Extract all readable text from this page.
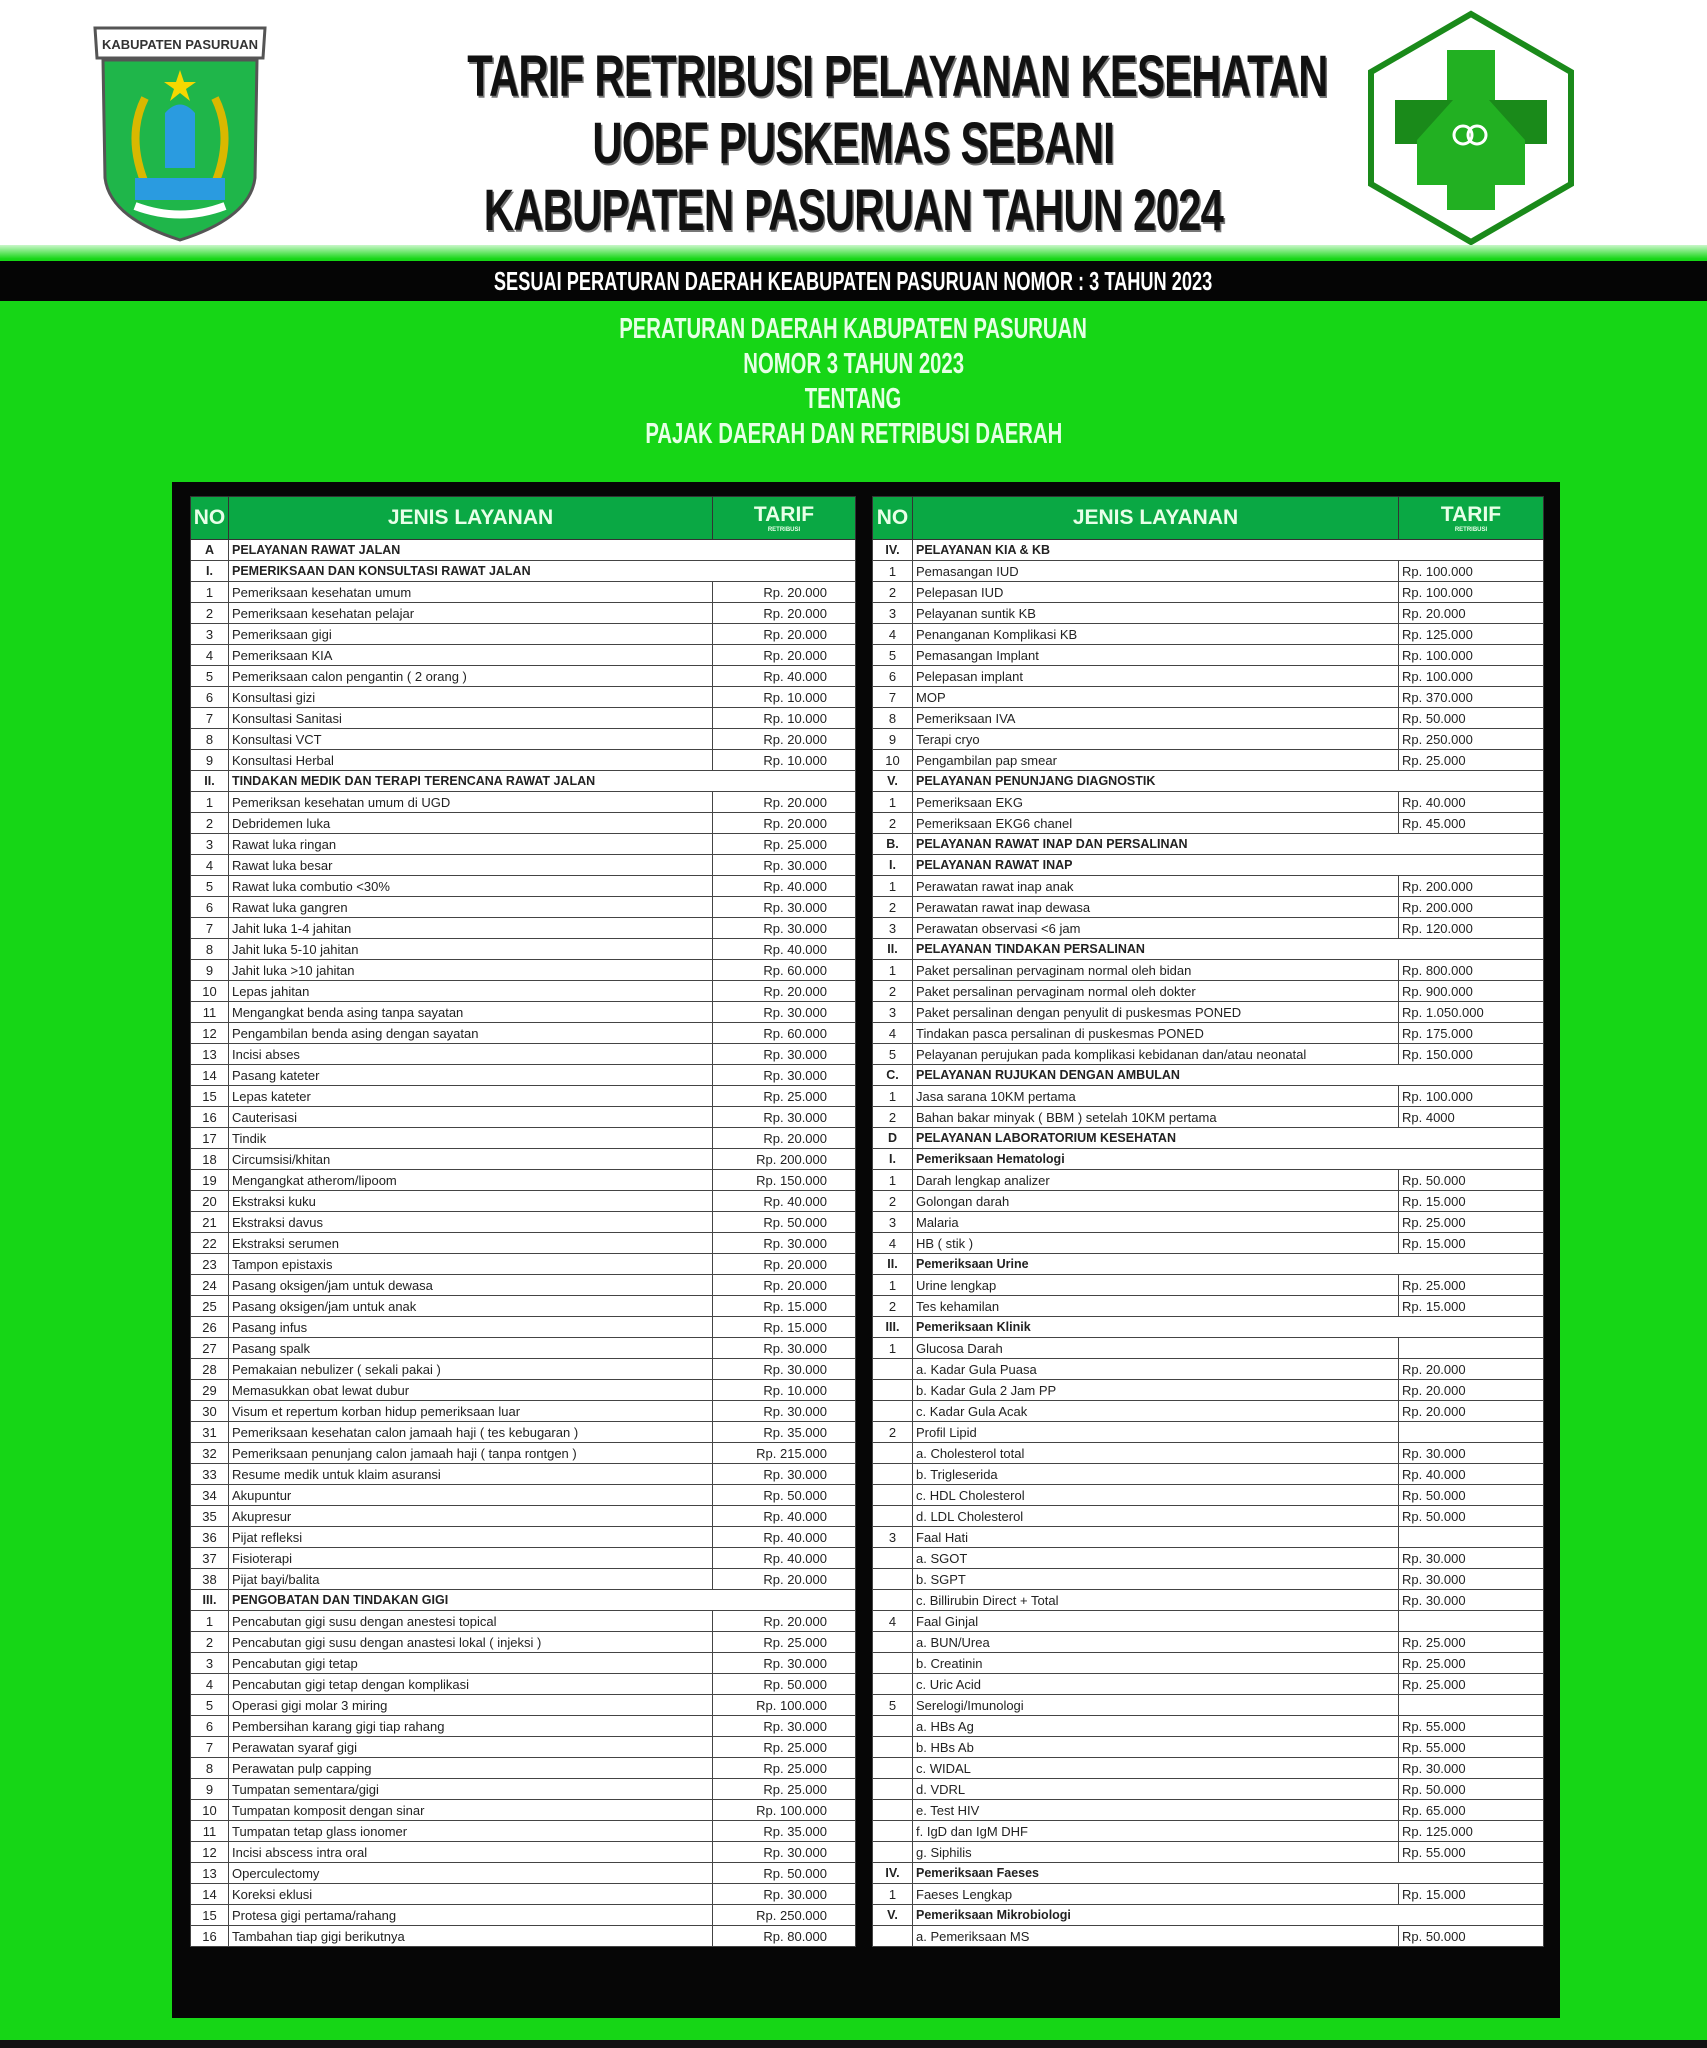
KABUPATEN PASURUAN	TARIF RETRIBUSI PELAYANAN KESEHATAN
UOBF PUSKEMAS SEBANI
KABUPATEN PASURUAN TAHUN 2024
SESUAI PERATURAN DAERAH KEABUPATEN PASURUAN NOMOR : 3 TAHUN 2023
PERATURAN DAERAH KABUPATEN PASURUAN
NOMOR 3 TAHUN 2023
TENTANG
PAJAK DAERAH DAN RETRIBUSI DAERAH
NO	JENIS LAYANAN	TARIF
RETRIBUSI

A	PELAYANAN RAWAT JALAN	
I.	PEMERIKSAAN DAN KONSULTASI RAWAT JALAN	
1	Pemeriksaan kesehatan umum	Rp. 20.000
2	Pemeriksaan kesehatan pelajar	Rp. 20.000
3	Pemeriksaan gigi	Rp. 20.000
4	Pemeriksaan KIA	Rp. 20.000
5	Pemeriksaan calon pengantin ( 2 orang )	Rp. 40.000
6	Konsultasi gizi	Rp. 10.000
7	Konsultasi Sanitasi	Rp. 10.000
8	Konsultasi VCT	Rp. 20.000
9	Konsultasi Herbal	Rp. 10.000
II.	TINDAKAN MEDIK DAN TERAPI TERENCANA RAWAT JALAN	
1	Pemeriksan kesehatan umum di UGD	Rp. 20.000
2	Debridemen luka	Rp. 20.000
3	Rawat luka ringan	Rp. 25.000
4	Rawat luka besar	Rp. 30.000
5	Rawat luka combutio <30%	Rp. 40.000
6	Rawat luka gangren	Rp. 30.000
7	Jahit luka 1-4 jahitan	Rp. 30.000
8	Jahit luka 5-10 jahitan	Rp. 40.000
9	Jahit luka >10 jahitan	Rp. 60.000
10	Lepas jahitan	Rp. 20.000
11	Mengangkat benda asing tanpa sayatan	Rp. 30.000
12	Pengambilan benda asing dengan sayatan	Rp. 60.000
13	Incisi abses	Rp. 30.000
14	Pasang kateter	Rp. 30.000
15	Lepas kateter	Rp. 25.000
16	Cauterisasi	Rp. 30.000
17	Tindik	Rp. 20.000
18	Circumsisi/khitan	Rp. 200.000
19	Mengangkat atherom/lipoom	Rp. 150.000
20	Ekstraksi kuku	Rp. 40.000
21	Ekstraksi davus	Rp. 50.000
22	Ekstraksi serumen	Rp. 30.000
23	Tampon epistaxis	Rp. 20.000
24	Pasang oksigen/jam untuk dewasa	Rp. 20.000
25	Pasang oksigen/jam untuk anak	Rp. 15.000
26	Pasang infus	Rp. 15.000
27	Pasang spalk	Rp. 30.000
28	Pemakaian nebulizer ( sekali pakai )	Rp. 30.000
29	Memasukkan obat lewat dubur	Rp. 10.000
30	Visum et repertum korban hidup pemeriksaan luar	Rp. 30.000
31	Pemeriksaan kesehatan calon jamaah haji ( tes kebugaran )	Rp. 35.000
32	Pemeriksaan penunjang calon jamaah haji ( tanpa rontgen )	Rp. 215.000
33	Resume medik untuk klaim asuransi	Rp. 30.000
34	Akupuntur	Rp. 50.000
35	Akupresur	Rp. 40.000
36	Pijat refleksi	Rp. 40.000
37	Fisioterapi	Rp. 40.000
38	Pijat bayi/balita	Rp. 20.000
III.	PENGOBATAN DAN TINDAKAN GIGI	
1	Pencabutan gigi susu dengan anestesi topical	Rp. 20.000
2	Pencabutan gigi susu dengan anastesi lokal ( injeksi )	Rp. 25.000
3	Pencabutan gigi tetap	Rp. 30.000
4	Pencabutan gigi tetap dengan komplikasi	Rp. 50.000
5	Operasi gigi molar 3 miring	Rp. 100.000
6	Pembersihan karang gigi tiap rahang	Rp. 30.000
7	Perawatan syaraf gigi	Rp. 25.000
8	Perawatan pulp capping	Rp. 25.000
9	Tumpatan sementara/gigi	Rp. 25.000
10	Tumpatan komposit dengan sinar	Rp. 100.000
11	Tumpatan tetap glass ionomer	Rp. 35.000
12	Incisi abscess intra oral	Rp. 30.000
13	Operculectomy	Rp. 50.000
14	Koreksi eklusi	Rp. 30.000
15	Protesa gigi pertama/rahang	Rp. 250.000
16	Tambahan tiap gigi berikutnya	Rp. 80.000
NO	JENIS LAYANAN	TARIF
RETRIBUSI

IV.	PELAYANAN KIA & KB	
1	Pemasangan IUD	Rp. 100.000
2	Pelepasan IUD	Rp. 100.000
3	Pelayanan suntik KB	Rp. 20.000
4	Penanganan Komplikasi KB	Rp. 125.000
5	Pemasangan Implant	Rp. 100.000
6	Pelepasan implant	Rp. 100.000
7	MOP	Rp. 370.000
8	Pemeriksaan IVA	Rp. 50.000
9	Terapi cryo	Rp. 250.000
10	Pengambilan pap smear	Rp. 25.000
V.	PELAYANAN PENUNJANG DIAGNOSTIK	
1	Pemeriksaan EKG	Rp. 40.000
2	Pemeriksaan EKG6 chanel	Rp. 45.000
B.	PELAYANAN RAWAT INAP DAN PERSALINAN	
I.	PELAYANAN RAWAT INAP	
1	Perawatan rawat inap anak	Rp. 200.000
2	Perawatan rawat inap dewasa	Rp. 200.000
3	Perawatan observasi <6 jam	Rp. 120.000
II.	PELAYANAN TINDAKAN PERSALINAN	
1	Paket persalinan pervaginam normal oleh bidan	Rp. 800.000
2	Paket persalinan pervaginam normal oleh dokter	Rp. 900.000
3	Paket persalinan dengan penyulit di puskesmas PONED	Rp. 1.050.000
4	Tindakan pasca persalinan di puskesmas PONED	Rp. 175.000
5	Pelayanan perujukan pada komplikasi kebidanan dan/atau neonatal	Rp. 150.000
C.	PELAYANAN RUJUKAN DENGAN AMBULAN	
1	Jasa sarana 10KM pertama	Rp. 100.000
2	Bahan bakar minyak ( BBM ) setelah 10KM pertama	Rp. 4000
D	PELAYANAN LABORATORIUM KESEHATAN	
I.	Pemeriksaan Hematologi	
1	Darah lengkap analizer	Rp. 50.000
2	Golongan darah	Rp. 15.000
3	Malaria	Rp. 25.000
4	HB ( stik )	Rp. 15.000
II.	Pemeriksaan Urine	
1	Urine lengkap	Rp. 25.000
2	Tes kehamilan	Rp. 15.000
III.	Pemeriksaan Klinik	
1	Glucosa Darah	
	a. Kadar Gula Puasa	Rp. 20.000
	b. Kadar Gula 2 Jam PP	Rp. 20.000
	c. Kadar Gula Acak	Rp. 20.000
2	Profil Lipid	
	a. Cholesterol total	Rp. 30.000
	b. Trigleserida	Rp. 40.000
	c. HDL Cholesterol	Rp. 50.000
	d. LDL Cholesterol	Rp. 50.000
3	Faal Hati	
	a. SGOT	Rp. 30.000
	b. SGPT	Rp. 30.000
	c. Billirubin Direct + Total	Rp. 30.000
4	Faal Ginjal	
	a. BUN/Urea	Rp. 25.000
	b. Creatinin	Rp. 25.000
	c. Uric Acid	Rp. 25.000
5	Serelogi/Imunologi	
	a. HBs Ag	Rp. 55.000
	b. HBs Ab	Rp. 55.000
	c. WIDAL	Rp. 30.000
	d. VDRL	Rp. 50.000
	e. Test HIV	Rp. 65.000
	f. IgD dan IgM DHF	Rp. 125.000
	g. Siphilis	Rp. 55.000
IV.	Pemeriksaan Faeses	
1	Faeses Lengkap	Rp. 15.000
V.	Pemeriksaan Mikrobiologi	
	a. Pemeriksaan MS	Rp. 50.000
